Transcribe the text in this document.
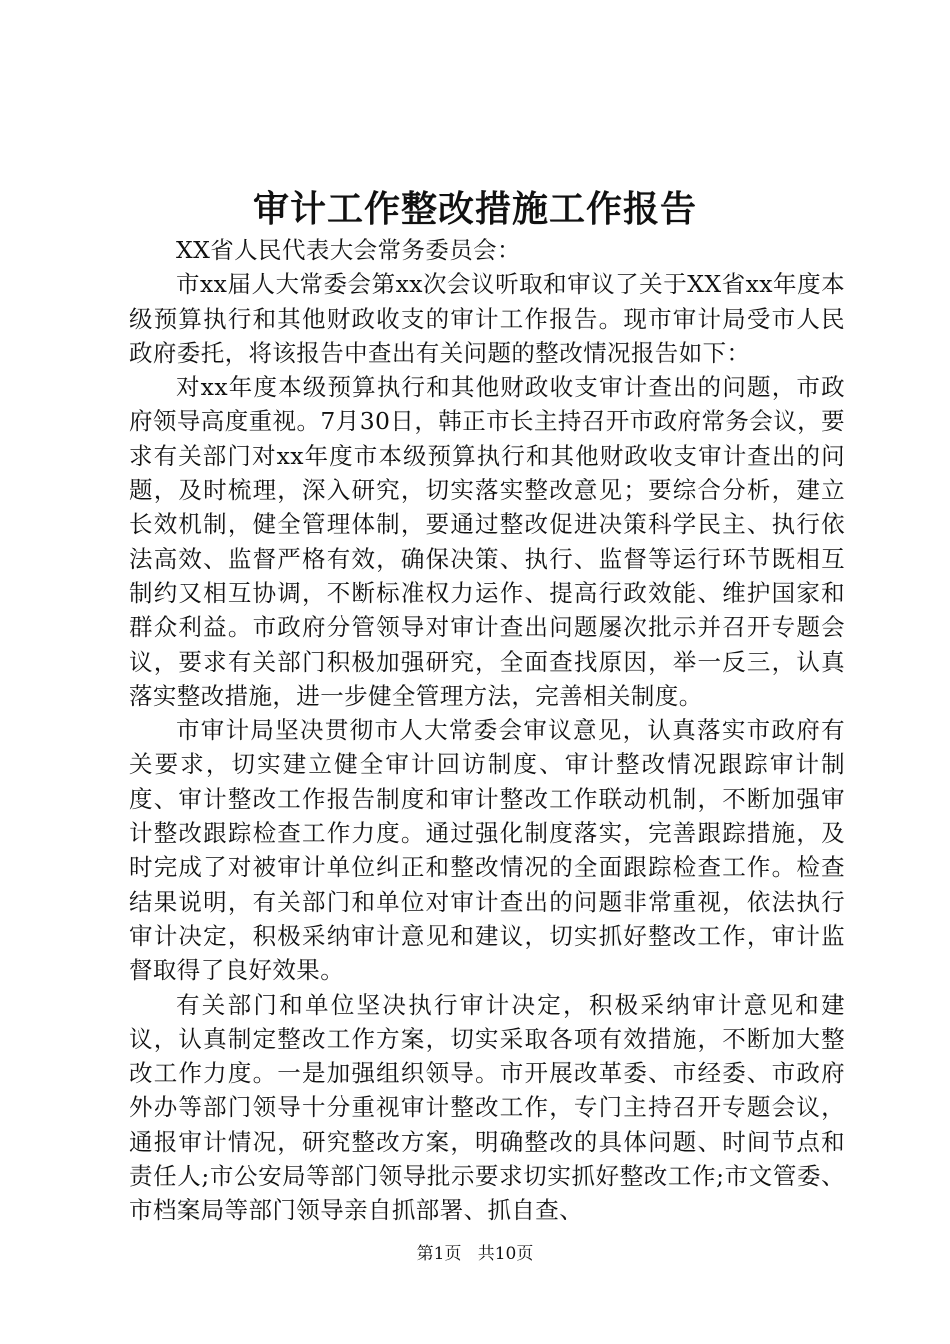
审计工作整改措施工作报告

XX省人民代表大会常务委员会：

市xx届人大常委会第xx次会议听取和审议了关于XX省xx年度本级预算执行和其他财政收支的审计工作报告。现市审计局受市人民政府委托，将该报告中查出有关问题的整改情况报告如下：

对xx年度本级预算执行和其他财政收支审计查出的问题，市政府领导高度重视。7月30日，韩正市长主持召开市政府常务会议，要求有关部门对xx年度市本级预算执行和其他财政收支审计查出的问题，及时梳理，深入研究，切实落实整改意见；要综合分析，建立长效机制，健全管理体制，要通过整改促进决策科学民主、执行依法高效、监督严格有效，确保决策、执行、监督等运行环节既相互制约又相互协调，不断标准权力运作、提高行政效能、维护国家和群众利益。市政府分管领导对审计查出问题屡次批示并召开专题会议，要求有关部门积极加强研究，全面查找原因，举一反三，认真落实整改措施，进一步健全管理方法，完善相关制度。

市审计局坚决贯彻市人大常委会审议意见，认真落实市政府有关要求，切实建立健全审计回访制度、审计整改情况跟踪审计制度、审计整改工作报告制度和审计整改工作联动机制，不断加强审计整改跟踪检查工作力度。通过强化制度落实，完善跟踪措施，及时完成了对被审计单位纠正和整改情况的全面跟踪检查工作。检查结果说明，有关部门和单位对审计查出的问题非常重视，依法执行审计决定，积极采纳审计意见和建议，切实抓好整改工作，审计监督取得了良好效果。

有关部门和单位坚决执行审计决定，积极采纳审计意见和建议，认真制定整改工作方案，切实采取各项有效措施，不断加大整改工作力度。一是加强组织领导。市开展改革委、市经委、市政府外办等部门领导十分重视审计整改工作，专门主持召开专题会议，通报审计情况，研究整改方案，明确整改的具体问题、时间节点和责任人;市公安局等部门领导批示要求切实抓好整改工作;市文管委、市档案局等部门领导亲自抓部署、抓自查、

第1页 共10页
